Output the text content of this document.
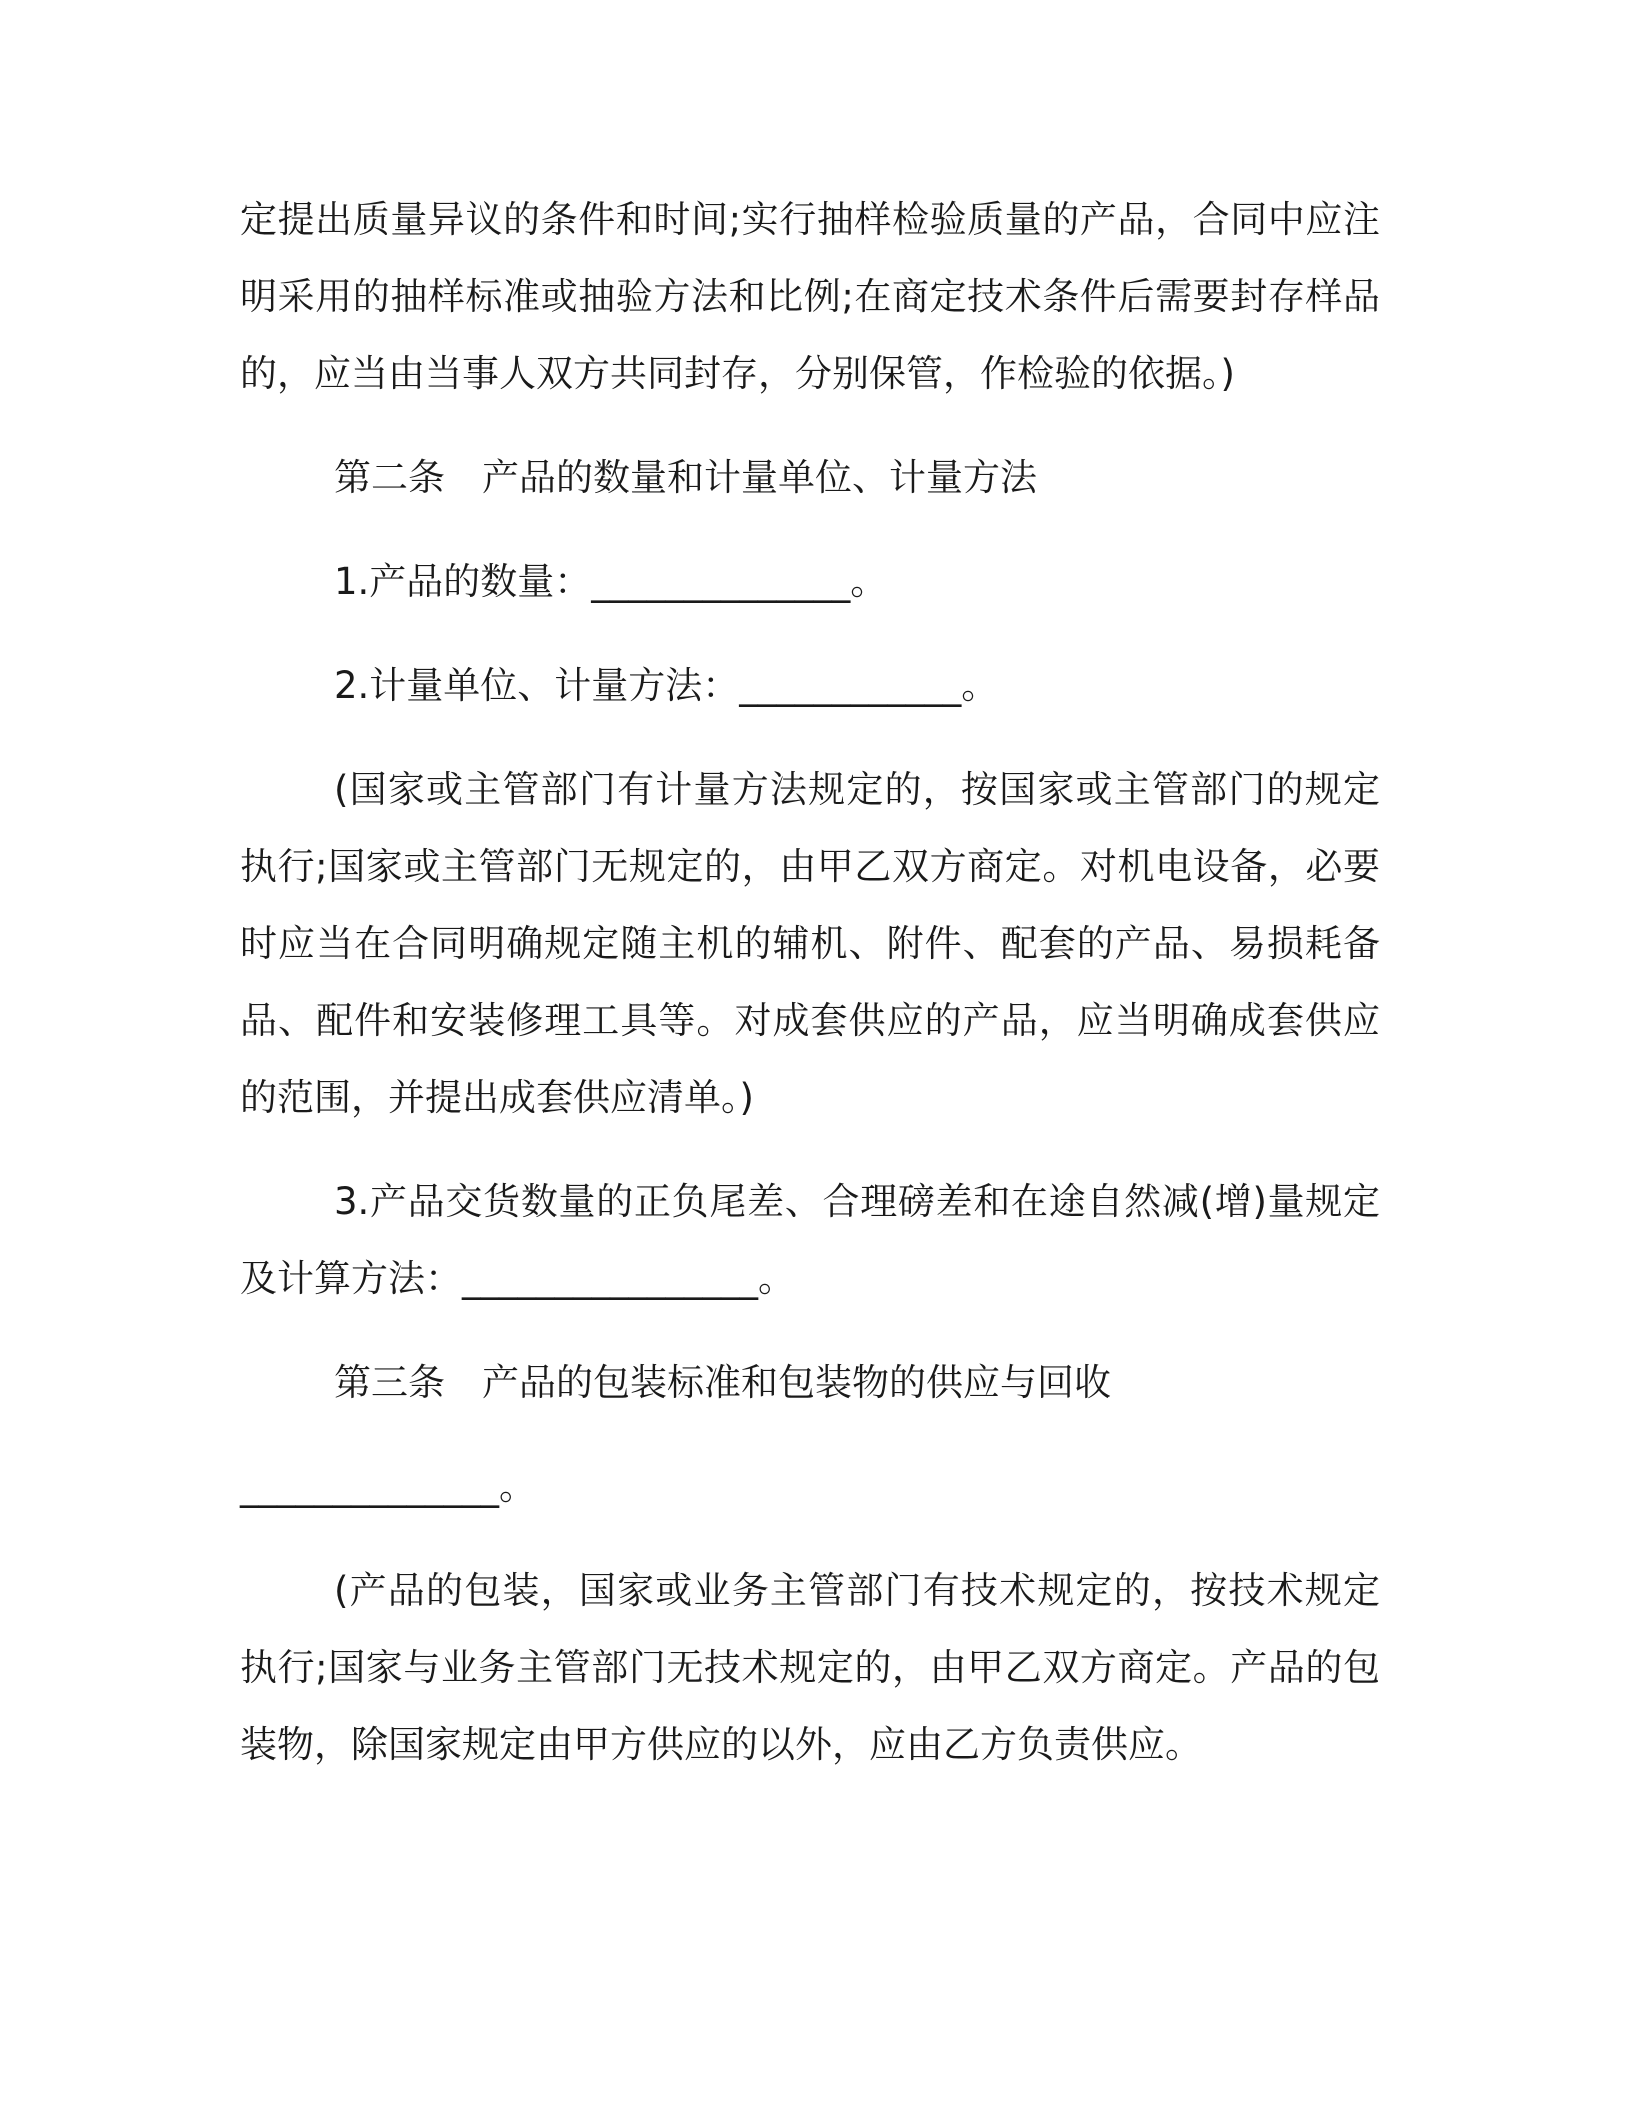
定提出质量异议的条件和时间;实行抽样检验质量的产品，合同中应注明采用的抽样标准或抽验方法和比例;在商定技术条件后需要封存样品的，应当由当事人双方共同封存，分别保管，作检验的依据。)

第二条　产品的数量和计量单位、计量方法

1.产品的数量：______________。

2.计量单位、计量方法：____________。

(国家或主管部门有计量方法规定的，按国家或主管部门的规定执行;国家或主管部门无规定的，由甲乙双方商定。对机电设备，必要时应当在合同明确规定随主机的辅机、附件、配套的产品、易损耗备品、配件和安装修理工具等。对成套供应的产品，应当明确成套供应的范围，并提出成套供应清单。)

3.产品交货数量的正负尾差、合理磅差和在途自然减(增)量规定及计算方法：________________。

第三条　产品的包装标准和包装物的供应与回收

______________。

(产品的包装，国家或业务主管部门有技术规定的，按技术规定执行;国家与业务主管部门无技术规定的，由甲乙双方商定。产品的包装物，除国家规定由甲方供应的以外，应由乙方负责供应。
